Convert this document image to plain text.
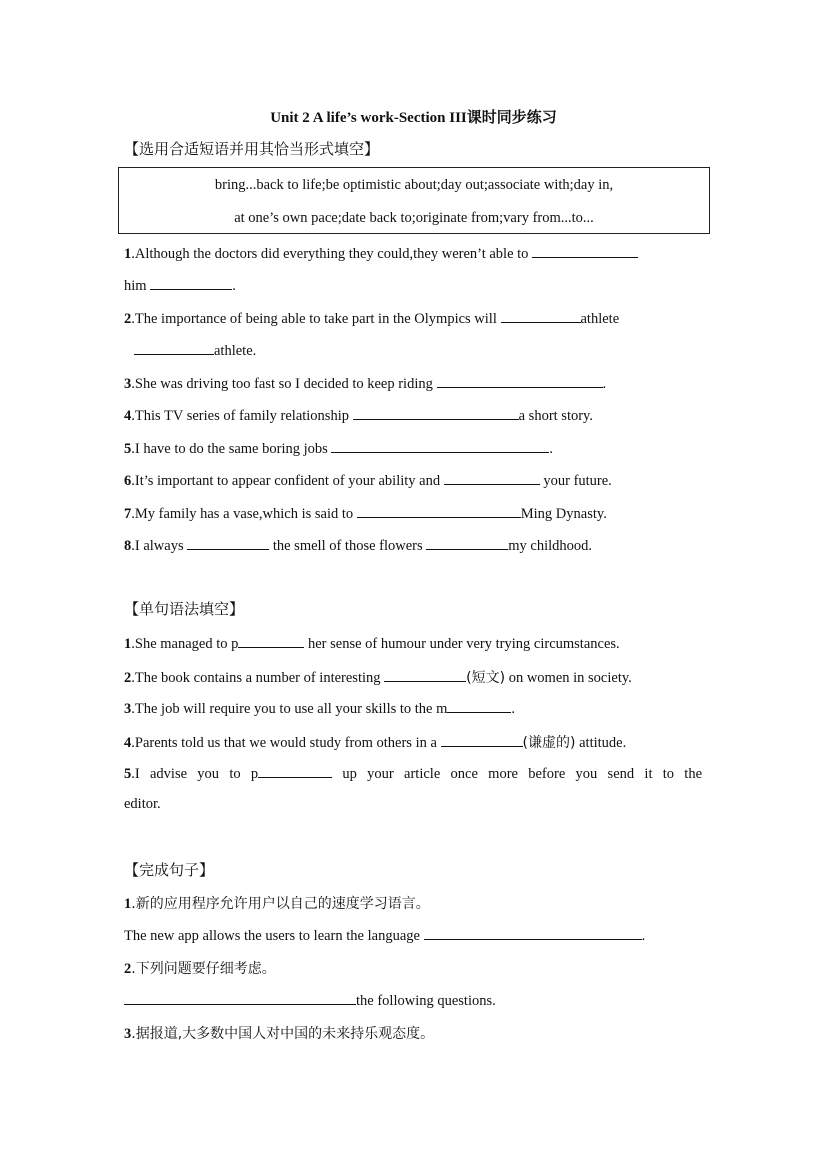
Unit 2 A life’s work-Section III课时同步练习
【选用合适短语并用其恰当形式填空】
bring...back to life;be optimistic about;day out;associate with;day in,
at one’s own pace;date back to;originate from;vary from...to...
1.Although the doctors did everything they could,they weren’t able to
him	.
2.The importance of being able to take part in the Olympics will	athlete
athlete.
3.She was driving too fast so I decided to keep riding	.
4.This TV series of family relationship	a short story.
5.I have to do the same boring jobs	.
6.It’s important to appear confident of your ability and	your future.
7.My family has a vase,which is said to	Ming Dynasty.
8.I always	the smell of those flowers	my childhood.
【单句语法填空】
1.She managed to p	her sense of humour under very trying circumstances.
2.The book contains a number of interesting	(短文) on women in society.
3.The job will require you to use all your skills to the m	.
4.Parents told us that we would study from others in a	(谦虚的) attitude.
5.I advise you to p	up your article once more before you send it to the
editor.
【完成句子】
1.新的应用程序允许用户以自己的速度学习语言。
The new app allows the users to learn the language	.
2.下列问题要仔细考虑。
the following questions.
3.据报道,大多数中国人对中国的未来持乐观态度。
